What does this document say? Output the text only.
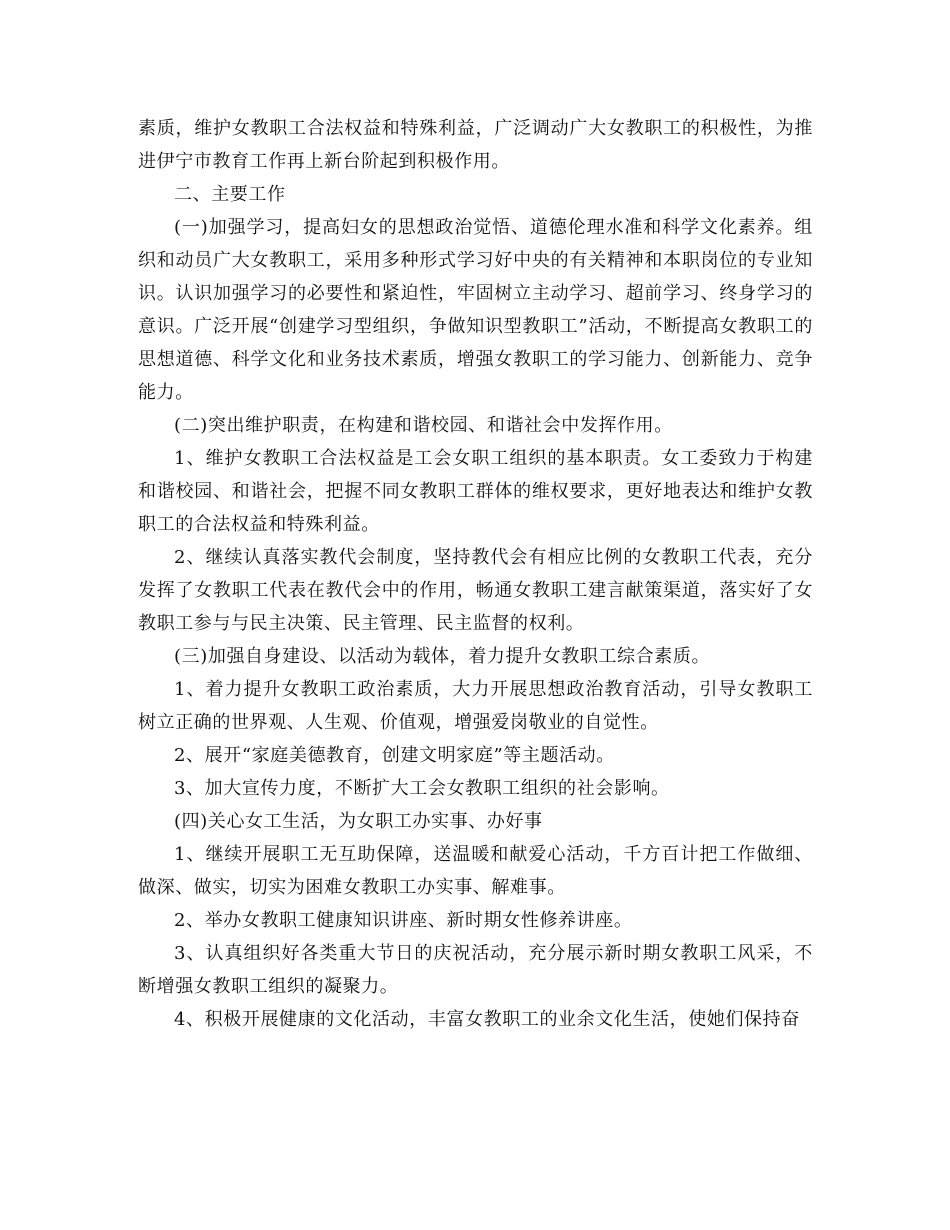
素质，维护女教职工合法权益和特殊利益，广泛调动广大女教职工的积极性，为推进伊宁市教育工作再上新台阶起到积极作用。

二、主要工作

(一)加强学习，提高妇女的思想政治觉悟、道德伦理水准和科学文化素养。组织和动员广大女教职工，采用多种形式学习好中央的有关精神和本职岗位的专业知识。认识加强学习的必要性和紧迫性，牢固树立主动学习、超前学习、终身学习的意识。广泛开展“创建学习型组织，争做知识型教职工”活动，不断提高女教职工的思想道德、科学文化和业务技术素质，增强女教职工的学习能力、创新能力、竞争能力。

(二)突出维护职责，在构建和谐校园、和谐社会中发挥作用。

1、维护女教职工合法权益是工会女职工组织的基本职责。女工委致力于构建和谐校园、和谐社会，把握不同女教职工群体的维权要求，更好地表达和维护女教职工的合法权益和特殊利益。

2、继续认真落实教代会制度，坚持教代会有相应比例的女教职工代表，充分发挥了女教职工代表在教代会中的作用，畅通女教职工建言献策渠道，落实好了女教职工参与与民主决策、民主管理、民主监督的权利。

(三)加强自身建设、以活动为载体，着力提升女教职工综合素质。

1、着力提升女教职工政治素质，大力开展思想政治教育活动，引导女教职工树立正确的世界观、人生观、价值观，增强爱岗敬业的自觉性。

2、展开“家庭美德教育，创建文明家庭”等主题活动。

3、加大宣传力度，不断扩大工会女教职工组织的社会影响。

(四)关心女工生活，为女职工办实事、办好事

1、继续开展职工无互助保障，送温暖和献爱心活动，千方百计把工作做细、做深、做实，切实为困难女教职工办实事、解难事。

2、举办女教职工健康知识讲座、新时期女性修养讲座。

3、认真组织好各类重大节日的庆祝活动，充分展示新时期女教职工风采，不断增强女教职工组织的凝聚力。

4、积极开展健康的文化活动，丰富女教职工的业余文化生活，使她们保持奋
